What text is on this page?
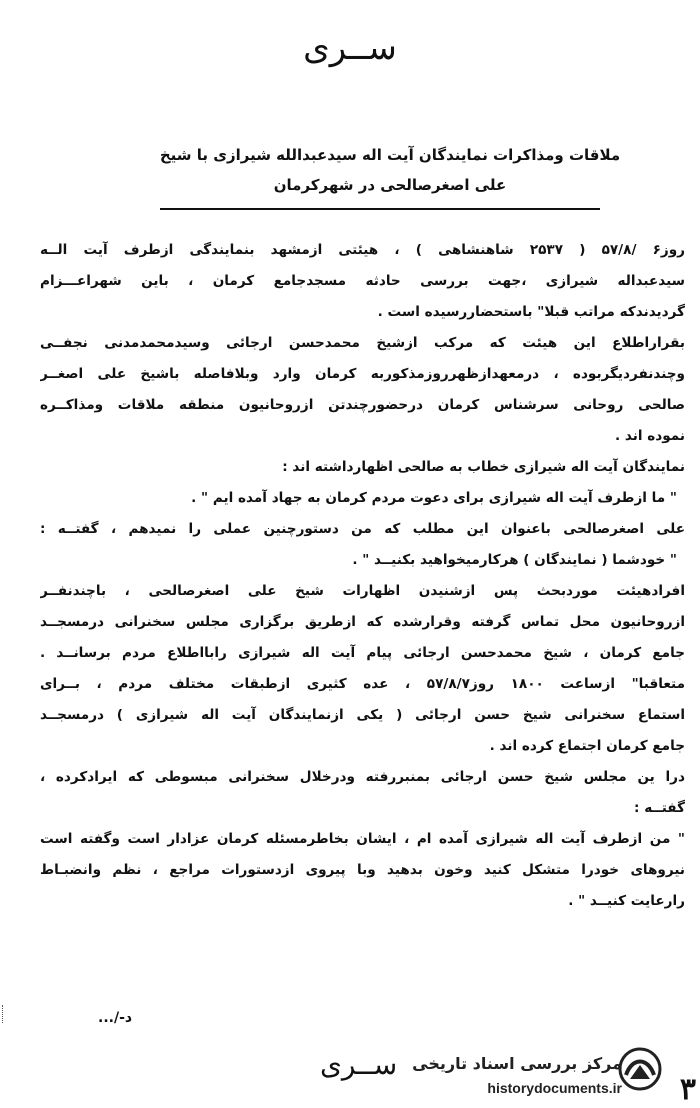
ســری
ملاقات ومذاکرات نمایندگان آیت اله سیدعبدالله شیرازی با شیخ
علی اصغرصالحی در شهرکرمان
روز۶ /۵۷/۸ ( ۲۵۳۷ شاهنشاهی ) ، هیئتی ازمشهد بنمایندگی ازطرف آیت الــه
سیدعبداله شیرازی ،جهت بررسی حادثه مسجدجامع کرمان ، باین شهراعـــزام
گردیدندکه مراتب قبلا" باستحضاررسیده است .
بقراراطلاع این هیئت که مرکب ازشیخ محمدحسن ارجائی وسیدمحمدمدنی نجفــی
وچندنفردیگربوده ، درمعهدازظهرروزمذکوربه کرمان وارد وبلافاصله باشیخ علی اصغــر
صالحی روحانی سرشناس کرمان درحضورچندتن ازروحانیون منطقه ملاقات ومذاکــره
نموده اند .
نمایندگان آیت اله شیرازی خطاب به صالحی اظهارداشته اند :
" ما ازطرف آیت اله شیرازی برای دعوت مردم کرمان به جهاد آمده ایم " .
علی اصغرصالحی باعنوان این مطلب که من دستورچنین عملی را نمیدهم ، گفتــه :
" خودشما ( نمایندگان ) هرکارمیخواهید بکنیــد " .
افرادهیئت موردبحث پس ازشنیدن اظهارات شیخ علی اصغرصالحی ، باچندنفــر
ازروحانیون محل تماس گرفته وقرارشده که ازطریق برگزاری مجلس سخنرانی درمسجــد
جامع کرمان ، شیخ محمدحسن ارجائی پیام آیت اله شیرازی رابااطلاع مردم برسانــد .
متعاقبا" ازساعت ۱۸۰۰ روز۵۷/۸/۷ ، عده کثیری ازطبقات مختلف مردم ، بــرای
استماع سخنرانی شیخ حسن ارجائی ( یکی ازنمایندگان آیت اله شیرازی ) درمسجــد
جامع کرمان اجتماع کرده اند .
درا ین مجلس شیخ حسن ارجائی بمنبررفته ودرخلال سخنرانی مبسوطی که ایرادکرده ،
گفتــه :
" من ازطرف آیت اله شیرازی آمده ام ، ایشان بخاطرمسئله کرمان عزادار است وگفته است
نیروهای خودرا متشکل کنید وخون بدهید وبا پیروی ازدستورات مراجع ، نظم وانضبـاط
رارعایت کنیــد " .
د-/...
ســری مرکز بررسی اسناد تاریخی
historydocuments.ir ۳
